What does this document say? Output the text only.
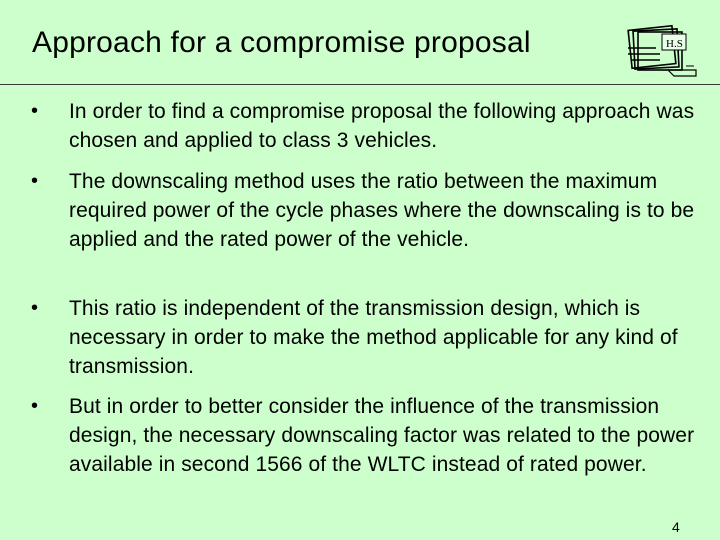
Approach for a compromise proposal	H.S
• In order to find a compromise proposal the following approach was chosen and applied to class 3 vehicles.
• The downscaling method uses the ratio between the maximum required power of the cycle phases where the downscaling is to be applied and the rated power of the vehicle.
• This ratio is independent of the transmission design, which is necessary in order to make the method applicable for any kind of transmission.
• But in order to better consider the influence of the transmission design, the necessary downscaling factor was related to the power available in second 1566 of the WLTC instead of rated power.
4
